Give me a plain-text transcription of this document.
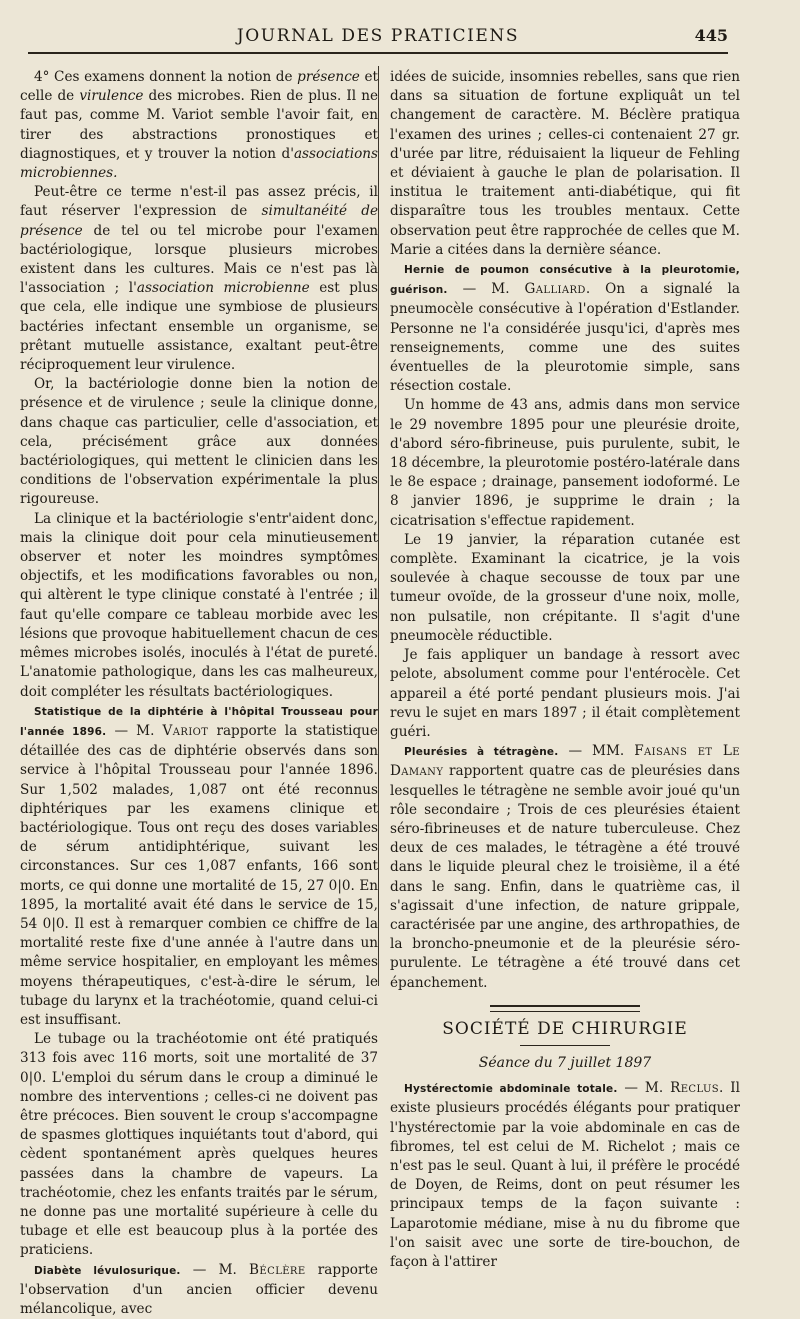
JOURNAL DES PRATICIENS	445

4° Ces examens donnent la notion de présence et celle de virulence des microbes. Rien de plus. Il ne faut pas, comme M. Variot semble l'avoir fait, en tirer des abstractions pronostiques et diagnostiques, et y trouver la notion d'associations microbiennes.

Peut-être ce terme n'est-il pas assez précis, il faut réserver l'expression de simultanéité de présence de tel ou tel microbe pour l'examen bactériologique, lorsque plusieurs microbes existent dans les cultures. Mais ce n'est pas là l'association ; l'association microbienne est plus que cela, elle indique une symbiose de plusieurs bactéries infectant ensemble un organisme, se prêtant mutuelle assistance, exaltant peut-être réciproquement leur virulence.

Or, la bactériologie donne bien la notion de présence et de virulence ; seule la clinique donne, dans chaque cas particulier, celle d'association, et cela, précisément grâce aux données bactériologiques, qui mettent le clinicien dans les conditions de l'observation expérimentale la plus rigoureuse.

La clinique et la bactériologie s'entr'aident donc, mais la clinique doit pour cela minutieusement observer et noter les moindres symptômes objectifs, et les modifications favorables ou non, qui altèrent le type clinique constaté à l'entrée ; il faut qu'elle compare ce tableau morbide avec les lésions que provoque habituellement chacun de ces mêmes microbes isolés, inoculés à l'état de pureté. L'anatomie pathologique, dans les cas malheureux, doit compléter les résultats bactériologiques.

Statistique de la diphtérie à l'hôpital Trousseau pour l'année 1896. — M. Variot rapporte la statistique détaillée des cas de diphtérie observés dans son service à l'hôpital Trousseau pour l'année 1896. Sur 1,502 malades, 1,087 ont été reconnus diphtériques par les examens clinique et bactériologique. Tous ont reçu des doses variables de sérum antidiphtérique, suivant les circonstances. Sur ces 1,087 enfants, 166 sont morts, ce qui donne une mortalité de 15, 27 0|0. En 1895, la mortalité avait été dans le service de 15, 54 0|0. Il est à remarquer combien ce chiffre de la mortalité reste fixe d'une année à l'autre dans un même service hospitalier, en employant les mêmes moyens thérapeutiques, c'est-à-dire le sérum, le tubage du larynx et la trachéotomie, quand celui-ci est insuffisant.

Le tubage ou la trachéotomie ont été pratiqués 313 fois avec 116 morts, soit une mortalité de 37 0|0. L'emploi du sérum dans le croup a diminué le nombre des interventions ; celles-ci ne doivent pas être précoces. Bien souvent le croup s'accompagne de spasmes glottiques inquiétants tout d'abord, qui cèdent spontanément après quelques heures passées dans la chambre de vapeurs. La trachéotomie, chez les enfants traités par le sérum, ne donne pas une mortalité supérieure à celle du tubage et elle est beaucoup plus à la portée des praticiens.

Diabète lévulosurique. — M. Béclère rapporte l'observation d'un ancien officier devenu mélancolique, avec

idées de suicide, insomnies rebelles, sans que rien dans sa situation de fortune expliquât un tel changement de caractère. M. Béclère pratiqua l'examen des urines ; celles-ci contenaient 27 gr. d'urée par litre, réduisaient la liqueur de Fehling et déviaient à gauche le plan de polarisation. Il institua le traitement anti-diabétique, qui fit disparaître tous les troubles mentaux. Cette observation peut être rapprochée de celles que M. Marie a citées dans la dernière séance.

Hernie de poumon consécutive à la pleurotomie, guérison. — M. Galliard. On a signalé la pneumocèle consécutive à l'opération d'Estlander. Personne ne l'a considérée jusqu'ici, d'après mes renseignements, comme une des suites éventuelles de la pleurotomie simple, sans résection costale.

Un homme de 43 ans, admis dans mon service le 29 novembre 1895 pour une pleurésie droite, d'abord séro-fibrineuse, puis purulente, subit, le 18 décembre, la pleurotomie postéro-latérale dans le 8e espace ; drainage, pansement iodoformé. Le 8 janvier 1896, je supprime le drain ; la cicatrisation s'effectue rapidement.

Le 19 janvier, la réparation cutanée est complète. Examinant la cicatrice, je la vois soulevée à chaque secousse de toux par une tumeur ovoïde, de la grosseur d'une noix, molle, non pulsatile, non crépitante. Il s'agit d'une pneumocèle réductible.

Je fais appliquer un bandage à ressort avec pelote, absolument comme pour l'entérocèle. Cet appareil a été porté pendant plusieurs mois. J'ai revu le sujet en mars 1897 ; il était complètement guéri.

Pleurésies à tétragène. — MM. Faisans et Le Damany rapportent quatre cas de pleurésies dans lesquelles le tétragène ne semble avoir joué qu'un rôle secondaire ; Trois de ces pleurésies étaient séro-fibrineuses et de nature tuberculeuse. Chez deux de ces malades, le tétragène a été trouvé dans le liquide pleural chez le troisième, il a été dans le sang. Enfin, dans le quatrième cas, il s'agissait d'une infection, de nature grippale, caractérisée par une angine, des arthropathies, de la broncho-pneumonie et de la pleurésie séro-purulente. Le tétragène a été trouvé dans cet épanchement.

SOCIÉTÉ DE CHIRURGIE
Séance du 7 juillet 1897

Hystérectomie abdominale totale. — M. Reclus. Il existe plusieurs procédés élégants pour pratiquer l'hystérectomie par la voie abdominale en cas de fibromes, tel est celui de M. Richelot ; mais ce n'est pas le seul. Quant à lui, il préfère le procédé de Doyen, de Reims, dont on peut résumer les principaux temps de la façon suivante : Laparotomie médiane, mise à nu du fibrome que l'on saisit avec une sorte de tire-bouchon, de façon à l'attirer
